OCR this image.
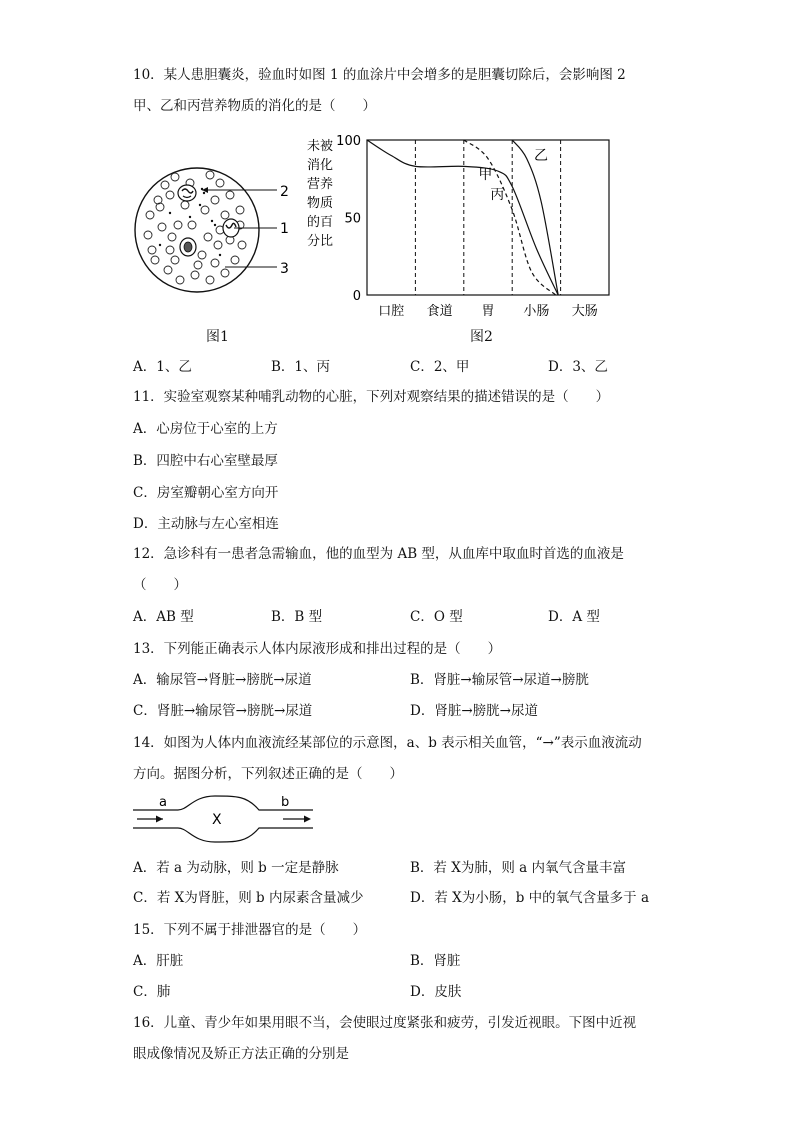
10．某人患胆囊炎，验血时如图 1 的血涂片中会增多的是胆囊切除后，会影响图 2
甲、乙和丙营养物质的消化的是（　　）
2
1
3
图1
未被
消化
营养
物质
的百
分比
100
50
0
口腔 食道 胃 小肠 大肠
甲
乙
丙
图2
A．1、乙	B．1、丙	C．2、甲	D．3、乙
11．实验室观察某种哺乳动物的心脏，下列对观察结果的描述错误的是（　　）
A．心房位于心室的上方
B．四腔中右心室壁最厚
C．房室瓣朝心室方向开
D．主动脉与左心室相连
12．急诊科有一患者急需输血，他的血型为 AB 型，从血库中取血时首选的血液是
（　　）
A．AB 型	B．B 型	C．O 型	D．A 型
13．下列能正确表示人体内尿液形成和排出过程的是（　　）
A．输尿管→肾脏→膀胱→尿道	B．肾脏→输尿管→尿道→膀胱
C．肾脏→输尿管→膀胱→尿道	D．肾脏→膀胱→尿道
14．如图为人体内血液流经某部位的示意图，a、b 表示相关血管，“→”表示血液流动
方向。据图分析，下列叙述正确的是（　　）
a	b
X
A．若 a 为动脉，则 b 一定是静脉	B．若 X为肺，则 a 内氧气含量丰富
C．若 X为肾脏，则 b 内尿素含量减少	D．若 X为小肠，b 中的氧气含量多于 a
15．下列不属于排泄器官的是（　　）
A．肝脏	B．肾脏
C．肺	D．皮肤
16．儿童、青少年如果用眼不当，会使眼过度紧张和疲劳，引发近视眼。下图中近视
眼成像情况及矫正方法正确的分别是
